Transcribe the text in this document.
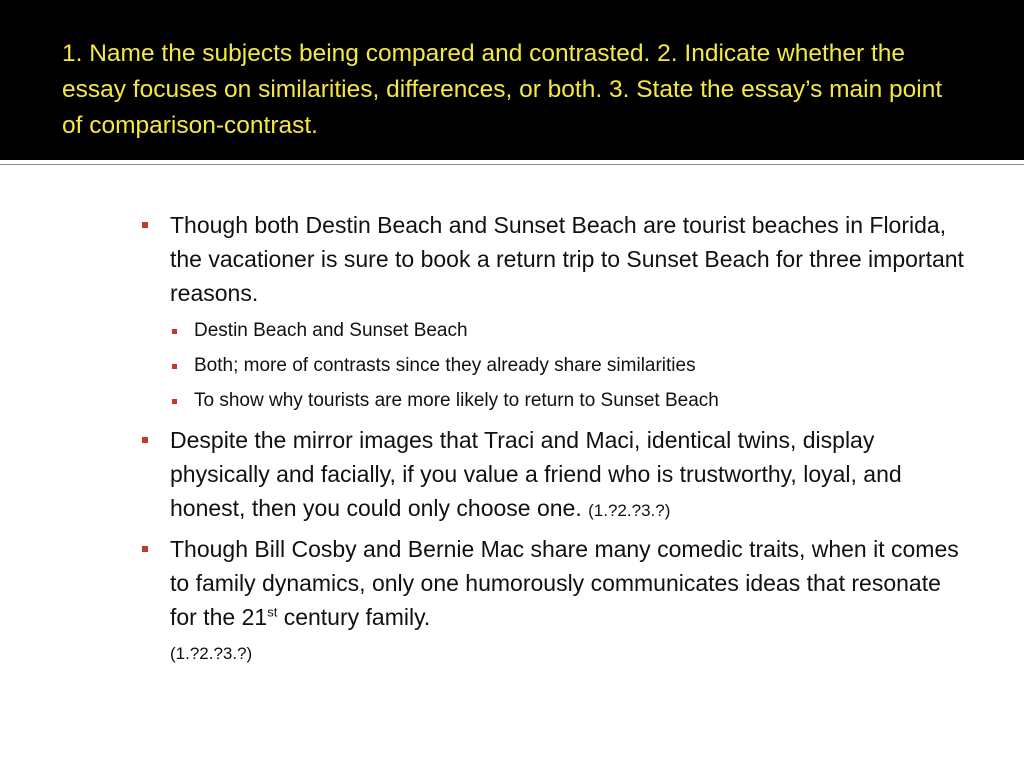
1. Name the subjects being compared and contrasted. 2. Indicate whether the essay focuses on similarities, differences, or both. 3. State the essay’s main point of comparison-contrast.
Though both Destin Beach and Sunset Beach are tourist beaches in Florida, the vacationer is sure to book a return trip to Sunset Beach for three important reasons.
Destin Beach and Sunset Beach
Both; more of contrasts since they already share similarities
To show why tourists are more likely to return to Sunset Beach
Despite the mirror images that Traci and Maci, identical twins, display physically and facially, if you value a friend who is trustworthy, loyal, and honest, then you could only choose one. (1.?2.?3.?)
Though Bill Cosby and Bernie Mac share many comedic traits, when it comes to family dynamics, only one humorously communicates ideas that resonate for the 21st century family.
(1.?2.?3.?)
